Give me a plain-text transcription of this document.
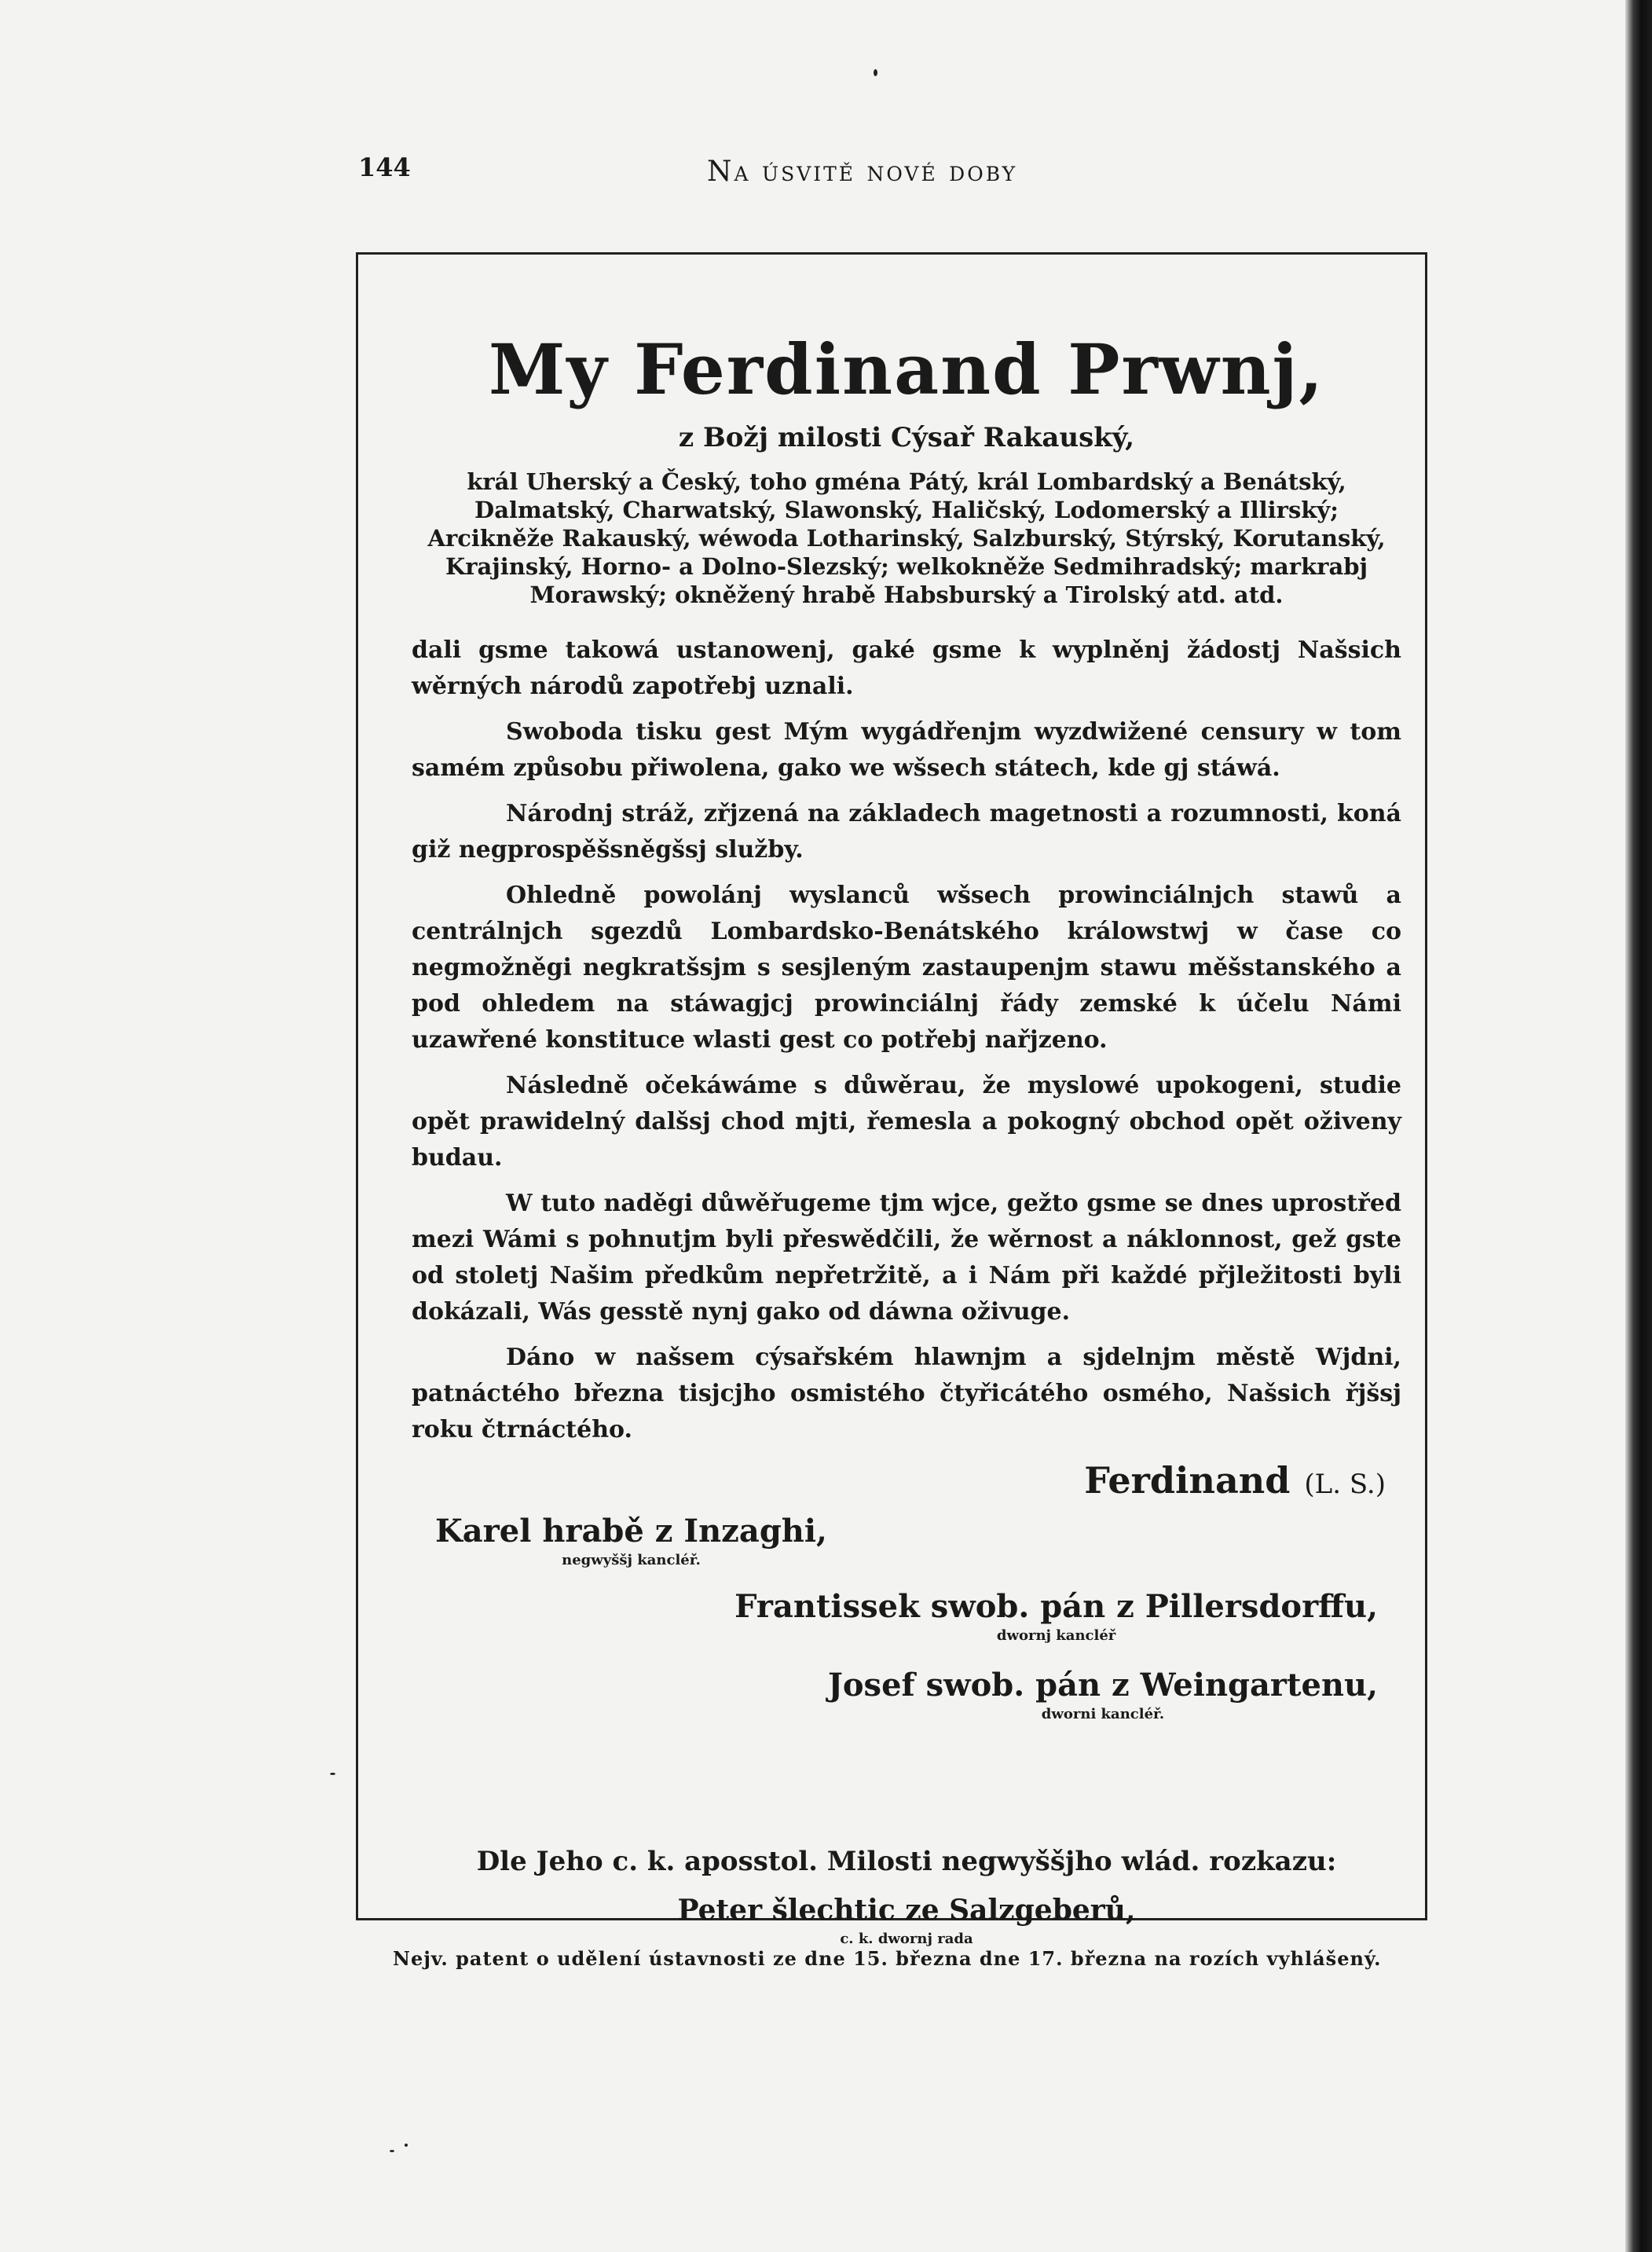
144	Na úsvitě nové doby
My Ferdinand Prwnj,
z Božj milosti Cýsař Rakauský,
král Uherský a Český, toho gména Pátý, král Lombardský a Benátský, Dalmatský, Charwatský, Slawonský, Haličský, Lodomerský a Illirský; Arcikněže Rakauský, wéwoda Lotharinský, Salzburský, Stýrský, Korutanský, Krajinský, Horno- a Dolno-Slezský; welkokněže Sedmihradský; markrabj Morawský; okněžený hrabě Habsburský a Tirolský atd. atd.

dali gsme takowá ustanowenj, gaké gsme k wyplněnj žádostj Našsich wěrných národů zapotřebj uznali.

Swoboda tisku gest Mým wygádřenjm wyzdwižené censury w tom samém způsobu přiwolena, gako we wšsech státech, kde gj stáwá.

Národnj stráž, zřjzená na základech magetnosti a rozumnosti, koná giž negprospěšsněgšsj služby.

Ohledně powolánj wyslanců wšsech prowinciálnjch stawů a centrálnjch sgezdů Lombardsko-Benátského králowstwj w čase co negmožněgi negkratšsjm s sesjleným zastaupenjm stawu měšstanského a pod ohledem na stáwagjcj prowinciálnj řády zemské k účelu Námi uzawřené konstituce wlasti gest co potřebj nařjzeno.

Následně očekáwáme s důwěrau, že myslowé upokogeni, studie opět prawidelný dalšsj chod mjti, řemesla a pokogný obchod opět oživeny budau.

W tuto naděgi důwěřugeme tjm wjce, gežto gsme se dnes uprostřed mezi Wámi s pohnutjm byli přeswědčili, že wěrnost a náklonnost, gež gste od stoletj Našim předkům nepřetržitě, a i Nám při každé přjležitosti byli dokázali, Wás gesstě nynj gako od dáwna oživuge.

Dáno w našsem cýsařském hlawnjm a sjdelnjm městě Wjdni, patnáctého března tisjcjho osmistého čtyřicátého osmého, Našsich řjšsj roku čtrnáctého.

Ferdinand (L. S.)
Karel hrabě z Inzaghi,
negwyššj kancléř.
Frantissek swob. pán z Pillersdorffu,
dwornj kancléř
Josef swob. pán z Weingartenu,
dworni kancléř.
Dle Jeho c. k. aposstol. Milosti negwyššjho wlád. rozkazu:
Peter šlechtic ze Salzgeberů,
c. k. dwornj rada
Nejv. patent o udělení ústavnosti ze dne 15. března dne 17. března na rozích vyhlášený.
